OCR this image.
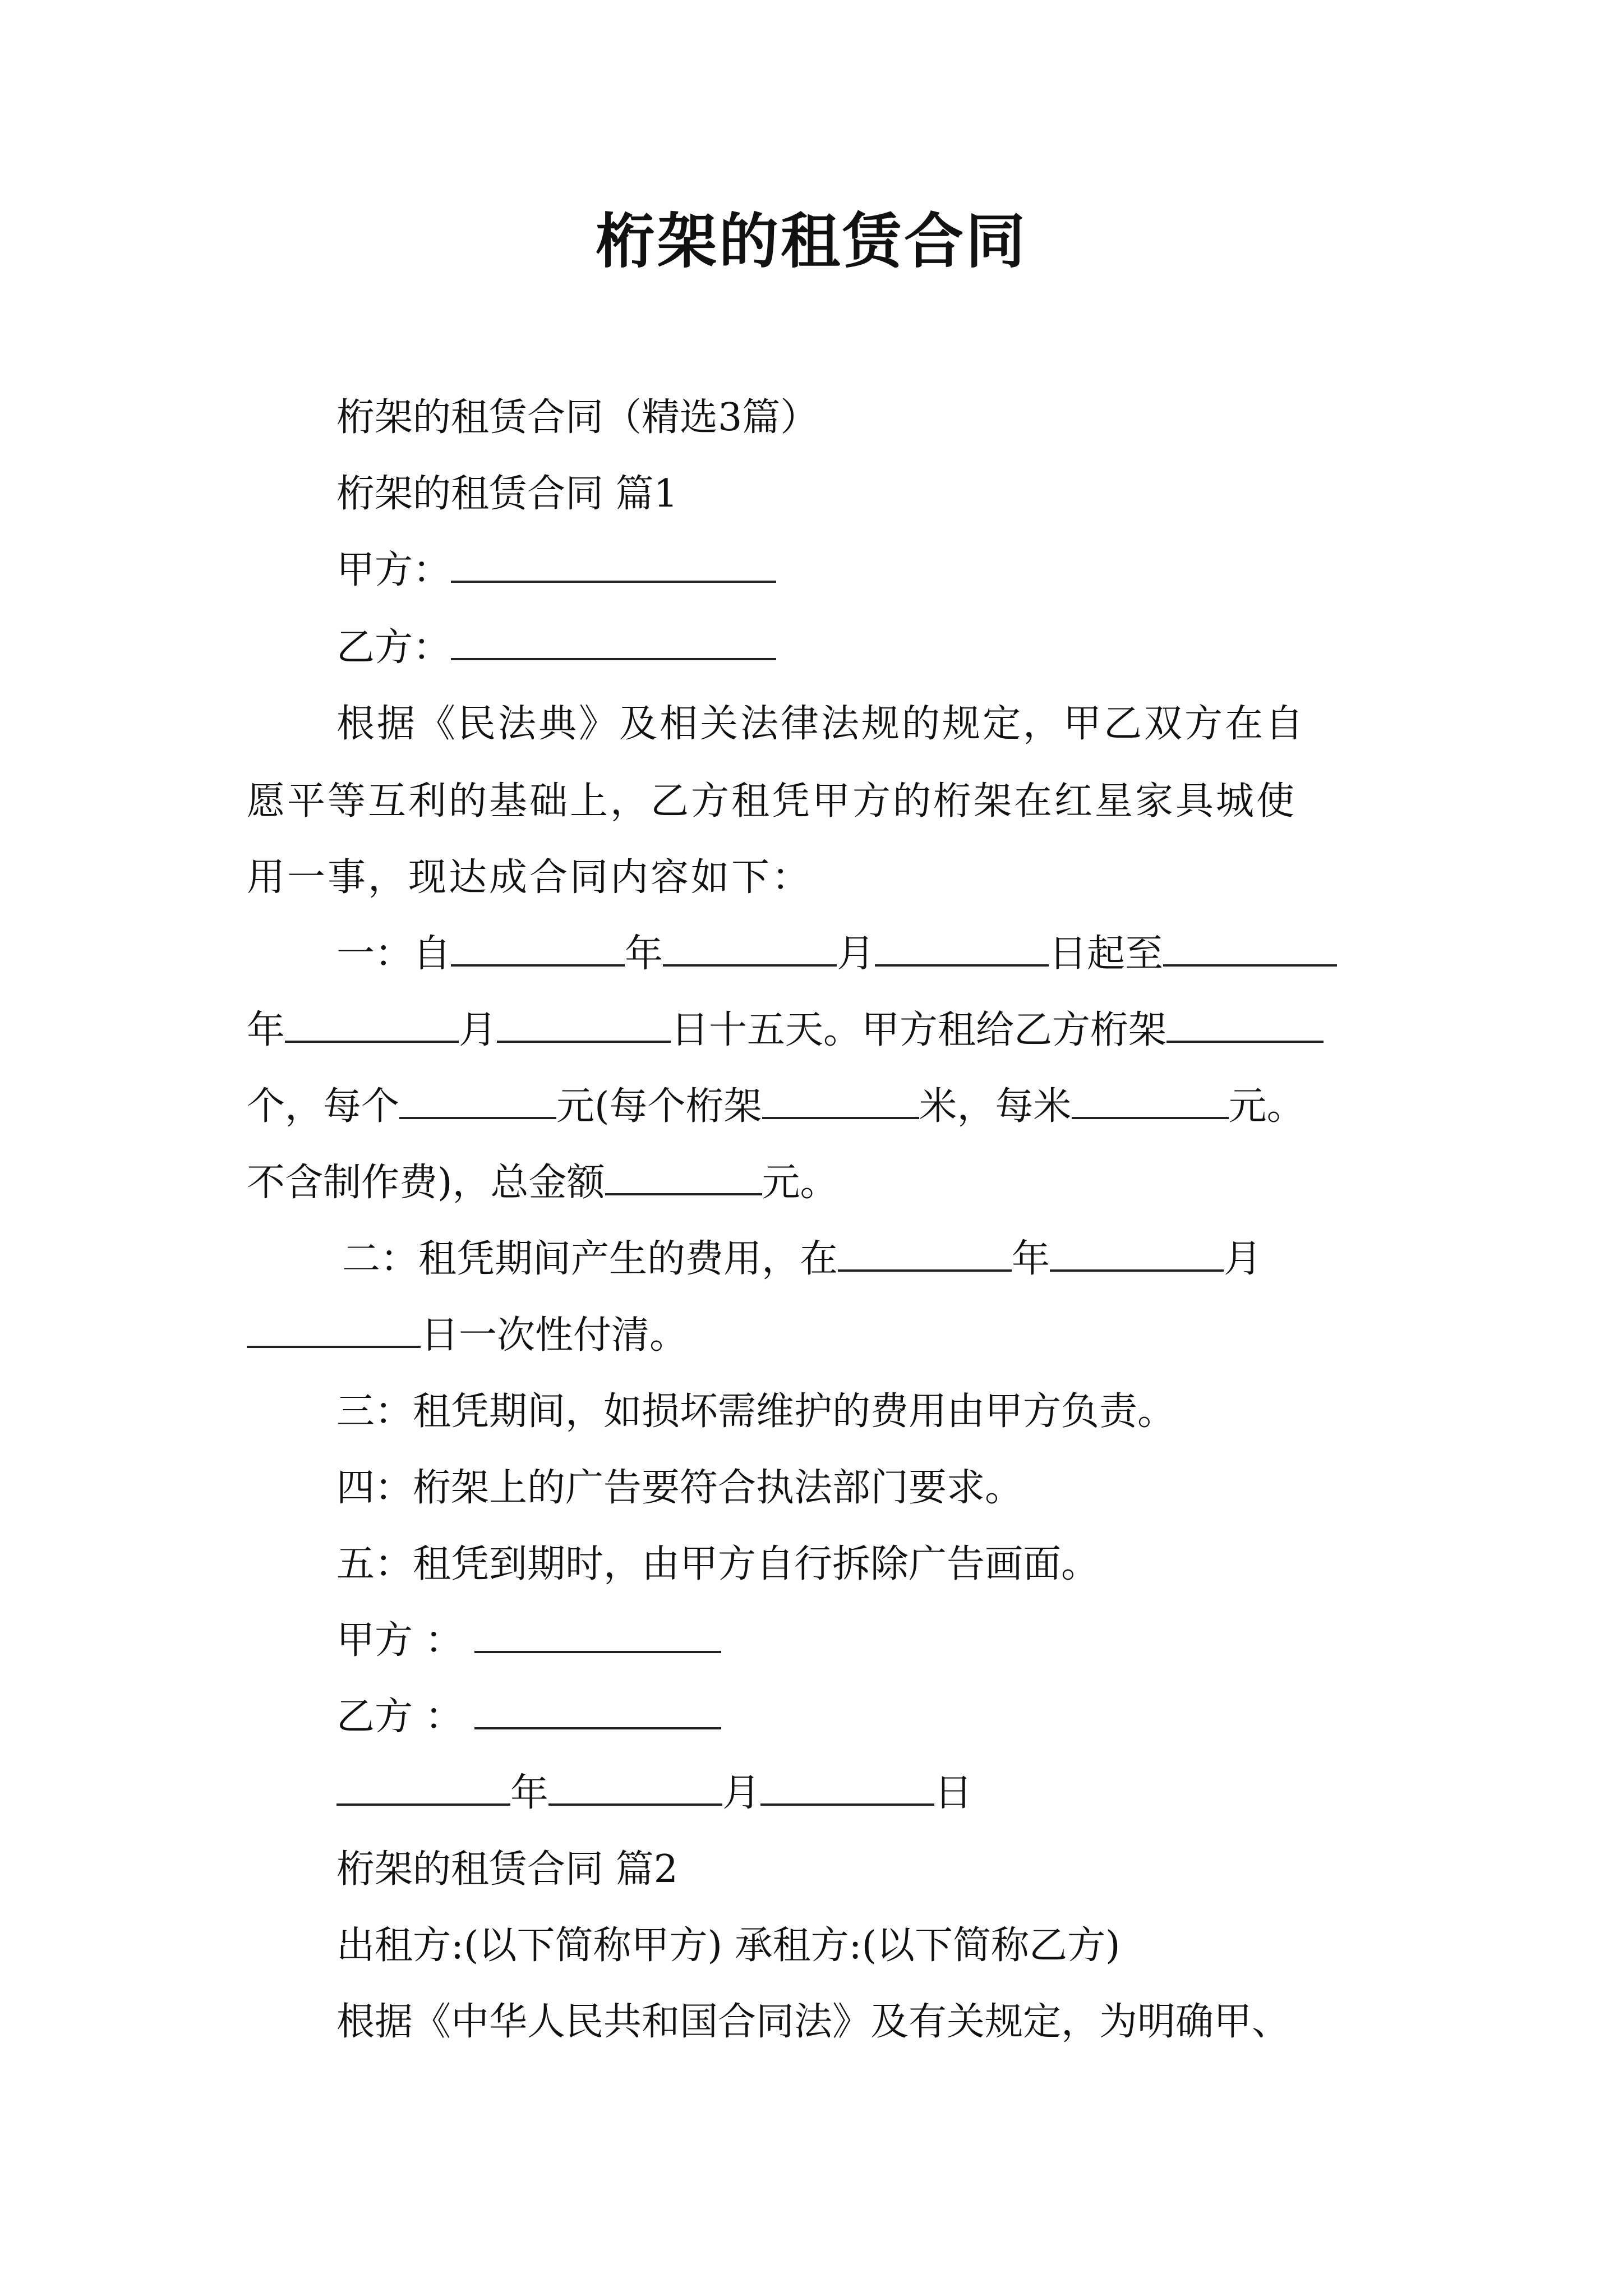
桁架的租赁合同
桁架的租赁合同（精选3篇）
桁架的租赁合同 篇1
甲方：
乙方：
根据《民法典》及相关法律法规的规定，甲乙双方在自
愿平等互利的基础上，乙方租凭甲方的桁架在红星家具城使
用一事，现达成合同内容如下：
一：自	年	月	日起至
年	月	日十五天。甲方租给乙方桁架
个，每个	元(每个桁架	米，每米	元。
不含制作费)，总金额	元。
二：租凭期间产生的费用，在	年	月
日一次性付清。
三：租凭期间，如损坏需维护的费用由甲方负责。
四：桁架上的广告要符合执法部门要求。
五：租凭到期时，由甲方自行拆除广告画面。
甲方 ：
乙方 ：
年	月	日
桁架的租赁合同 篇2
出租方:(以下简称甲方) 承租方:(以下简称乙方)
根据《中华人民共和国合同法》及有关规定，为明确甲、
